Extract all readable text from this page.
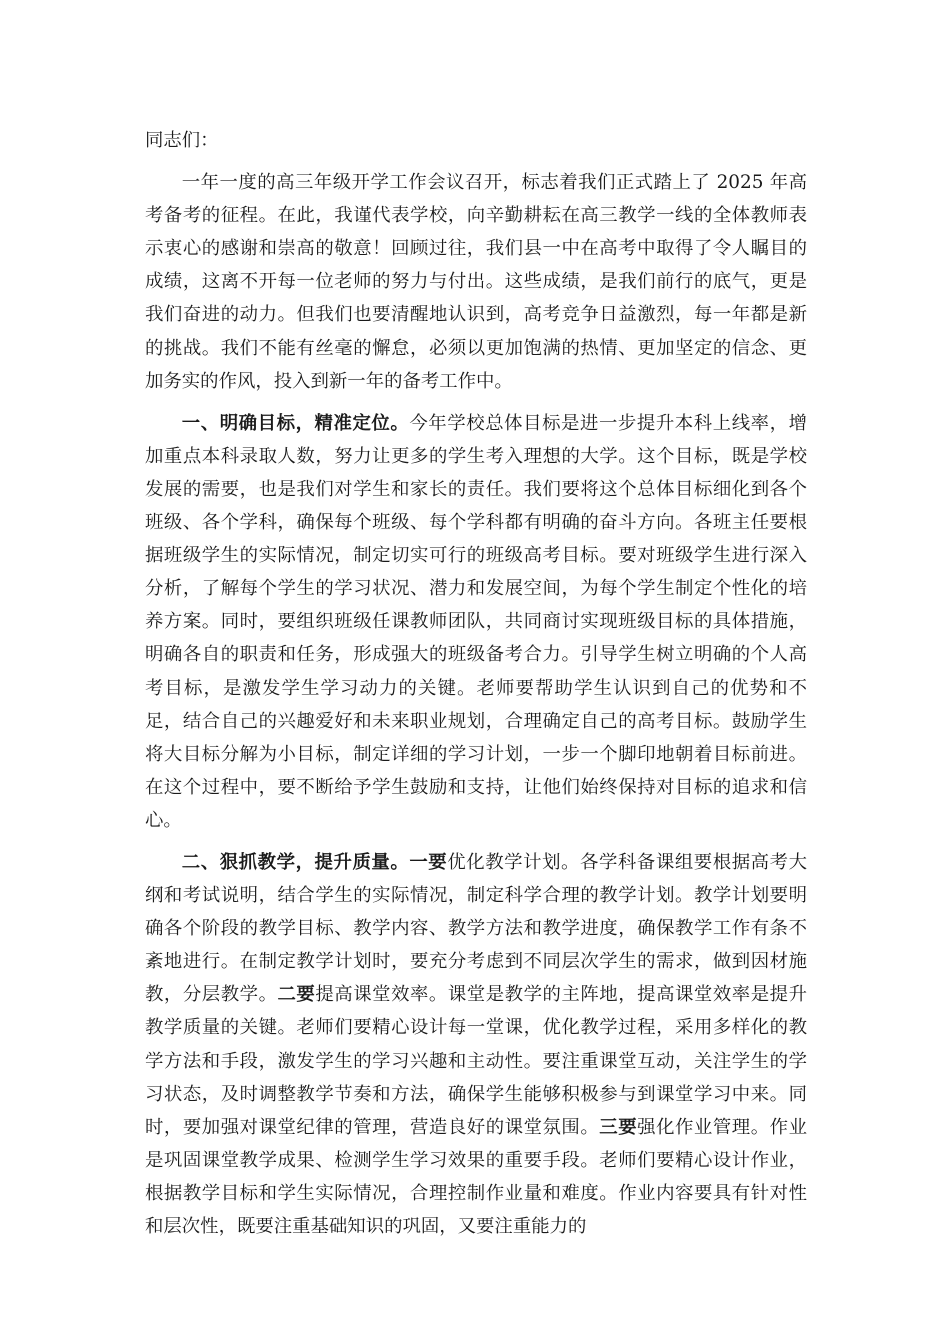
同志们：

一年一度的高三年级开学工作会议召开，标志着我们正式踏上了 2025 年高考备考的征程。在此，我谨代表学校，向辛勤耕耘在高三教学一线的全体教师表示衷心的感谢和崇高的敬意！回顾过往，我们县一中在高考中取得了令人瞩目的成绩，这离不开每一位老师的努力与付出。这些成绩，是我们前行的底气，更是我们奋进的动力。但我们也要清醒地认识到，高考竞争日益激烈，每一年都是新的挑战。我们不能有丝毫的懈怠，必须以更加饱满的热情、更加坚定的信念、更加务实的作风，投入到新一年的备考工作中。

一、明确目标，精准定位。今年学校总体目标是进一步提升本科上线率，增加重点本科录取人数，努力让更多的学生考入理想的大学。这个目标，既是学校发展的需要，也是我们对学生和家长的责任。我们要将这个总体目标细化到各个班级、各个学科，确保每个班级、每个学科都有明确的奋斗方向。各班主任要根据班级学生的实际情况，制定切实可行的班级高考目标。要对班级学生进行深入分析，了解每个学生的学习状况、潜力和发展空间，为每个学生制定个性化的培养方案。同时，要组织班级任课教师团队，共同商讨实现班级目标的具体措施，明确各自的职责和任务，形成强大的班级备考合力。引导学生树立明确的个人高考目标，是激发学生学习动力的关键。老师要帮助学生认识到自己的优势和不足，结合自己的兴趣爱好和未来职业规划，合理确定自己的高考目标。鼓励学生将大目标分解为小目标，制定详细的学习计划，一步一个脚印地朝着目标前进。在这个过程中，要不断给予学生鼓励和支持，让他们始终保持对目标的追求和信心。

二、狠抓教学，提升质量。一要优化教学计划。各学科备课组要根据高考大纲和考试说明，结合学生的实际情况，制定科学合理的教学计划。教学计划要明确各个阶段的教学目标、教学内容、教学方法和教学进度，确保教学工作有条不紊地进行。在制定教学计划时，要充分考虑到不同层次学生的需求，做到因材施教，分层教学。二要提高课堂效率。课堂是教学的主阵地，提高课堂效率是提升教学质量的关键。老师们要精心设计每一堂课，优化教学过程，采用多样化的教学方法和手段，激发学生的学习兴趣和主动性。要注重课堂互动，关注学生的学习状态，及时调整教学节奏和方法，确保学生能够积极参与到课堂学习中来。同时，要加强对课堂纪律的管理，营造良好的课堂氛围。三要强化作业管理。作业是巩固课堂教学成果、检测学生学习效果的重要手段。老师们要精心设计作业，根据教学目标和学生实际情况，合理控制作业量和难度。作业内容要具有针对性和层次性，既要注重基础知识的巩固，又要注重能力的
